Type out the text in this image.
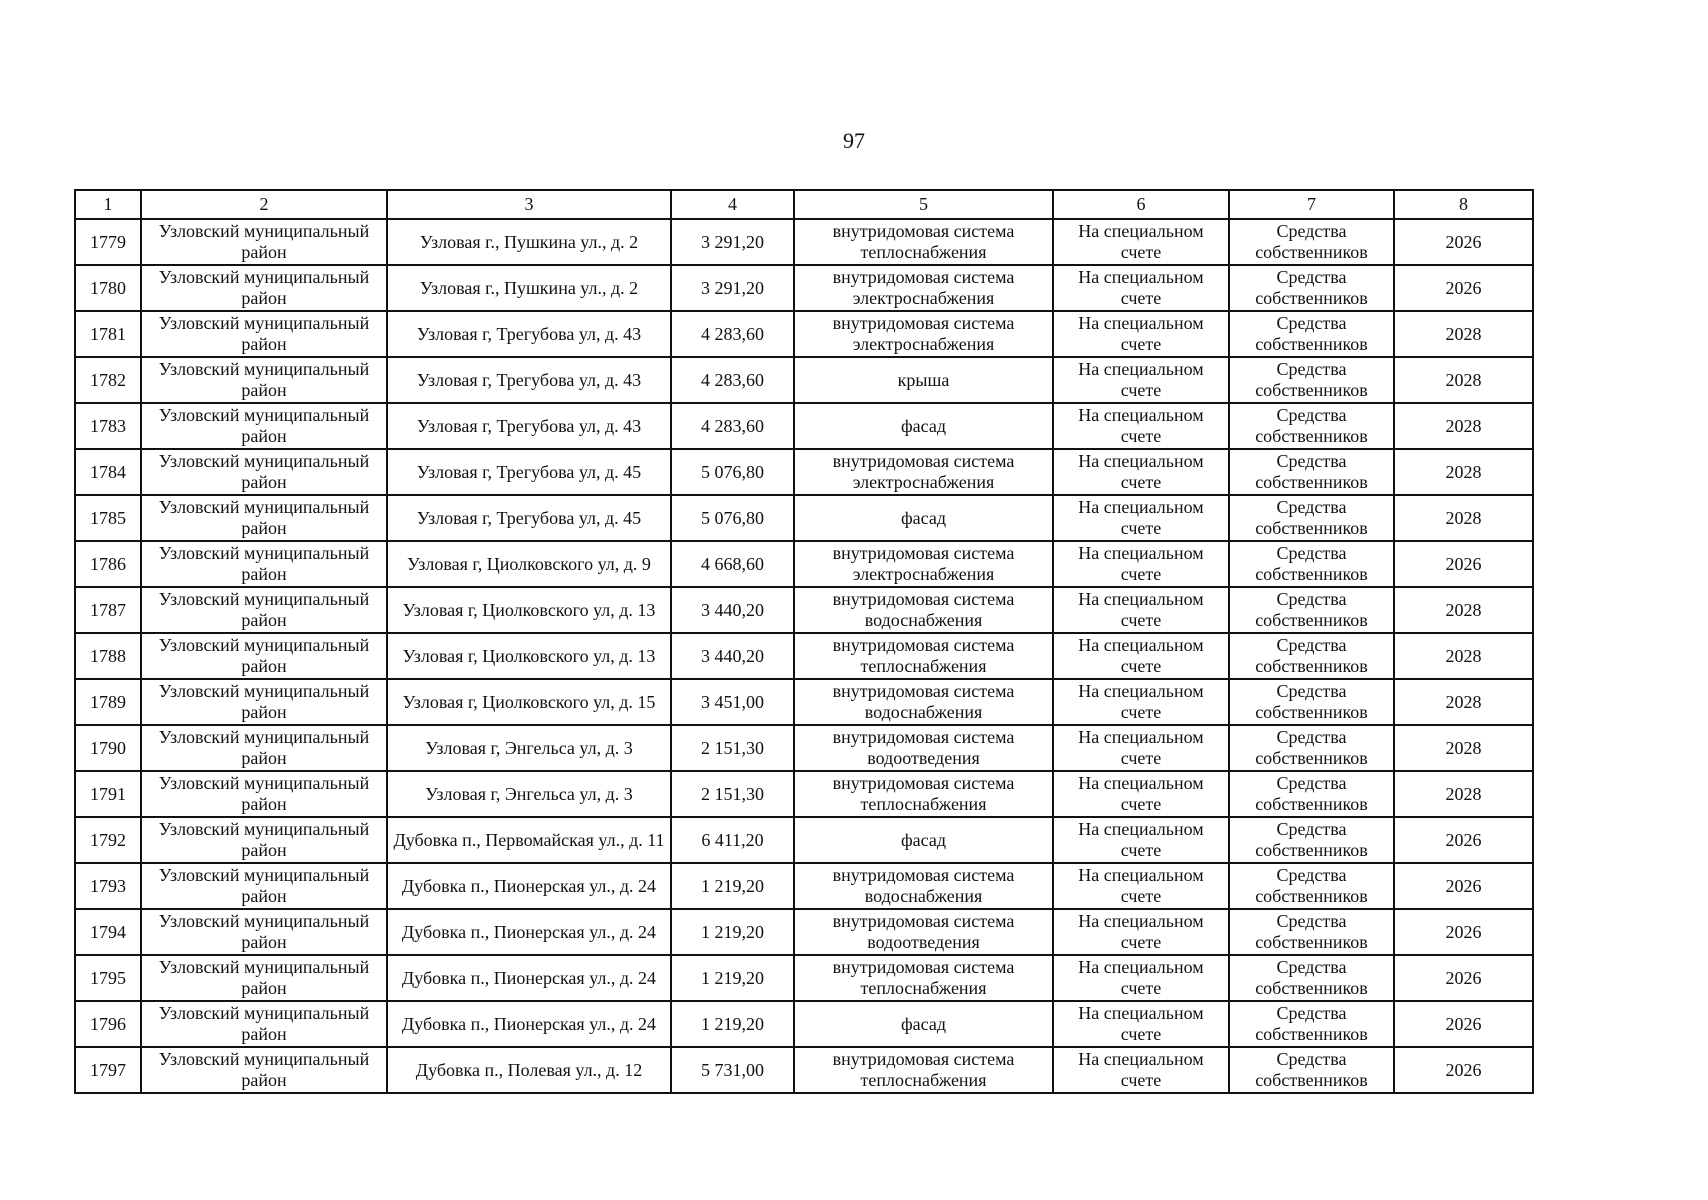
97
1	2	3	4	5	6	7	8
1779	Узловский муниципальный район	Узловая г., Пушкина ул., д. 2	3 291,20	внутридомовая система теплоснабжения	На специальном счете	Средства собственников	2026
1780	Узловский муниципальный район	Узловая г., Пушкина ул., д. 2	3 291,20	внутридомовая система электроснабжения	На специальном счете	Средства собственников	2026
1781	Узловский муниципальный район	Узловая г, Трегубова ул, д. 43	4 283,60	внутридомовая система электроснабжения	На специальном счете	Средства собственников	2028
1782	Узловский муниципальный район	Узловая г, Трегубова ул, д. 43	4 283,60	крыша	На специальном счете	Средства собственников	2028
1783	Узловский муниципальный район	Узловая г, Трегубова ул, д. 43	4 283,60	фасад	На специальном счете	Средства собственников	2028
1784	Узловский муниципальный район	Узловая г, Трегубова ул, д. 45	5 076,80	внутридомовая система электроснабжения	На специальном счете	Средства собственников	2028
1785	Узловский муниципальный район	Узловая г, Трегубова ул, д. 45	5 076,80	фасад	На специальном счете	Средства собственников	2028
1786	Узловский муниципальный район	Узловая г, Циолковского ул, д. 9	4 668,60	внутридомовая система электроснабжения	На специальном счете	Средства собственников	2026
1787	Узловский муниципальный район	Узловая г, Циолковского ул, д. 13	3 440,20	внутридомовая система водоснабжения	На специальном счете	Средства собственников	2028
1788	Узловский муниципальный район	Узловая г, Циолковского ул, д. 13	3 440,20	внутридомовая система теплоснабжения	На специальном счете	Средства собственников	2028
1789	Узловский муниципальный район	Узловая г, Циолковского ул, д. 15	3 451,00	внутридомовая система водоснабжения	На специальном счете	Средства собственников	2028
1790	Узловский муниципальный район	Узловая г, Энгельса ул, д. 3	2 151,30	внутридомовая система водоотведения	На специальном счете	Средства собственников	2028
1791	Узловский муниципальный район	Узловая г, Энгельса ул, д. 3	2 151,30	внутридомовая система теплоснабжения	На специальном счете	Средства собственников	2028
1792	Узловский муниципальный район	Дубовка п., Первомайская ул., д. 11	6 411,20	фасад	На специальном счете	Средства собственников	2026
1793	Узловский муниципальный район	Дубовка п., Пионерская ул., д. 24	1 219,20	внутридомовая система водоснабжения	На специальном счете	Средства собственников	2026
1794	Узловский муниципальный район	Дубовка п., Пионерская ул., д. 24	1 219,20	внутридомовая система водоотведения	На специальном счете	Средства собственников	2026
1795	Узловский муниципальный район	Дубовка п., Пионерская ул., д. 24	1 219,20	внутридомовая система теплоснабжения	На специальном счете	Средства собственников	2026
1796	Узловский муниципальный район	Дубовка п., Пионерская ул., д. 24	1 219,20	фасад	На специальном счете	Средства собственников	2026
1797	Узловский муниципальный район	Дубовка п., Полевая ул., д. 12	5 731,00	внутридомовая система теплоснабжения	На специальном счете	Средства собственников	2026
